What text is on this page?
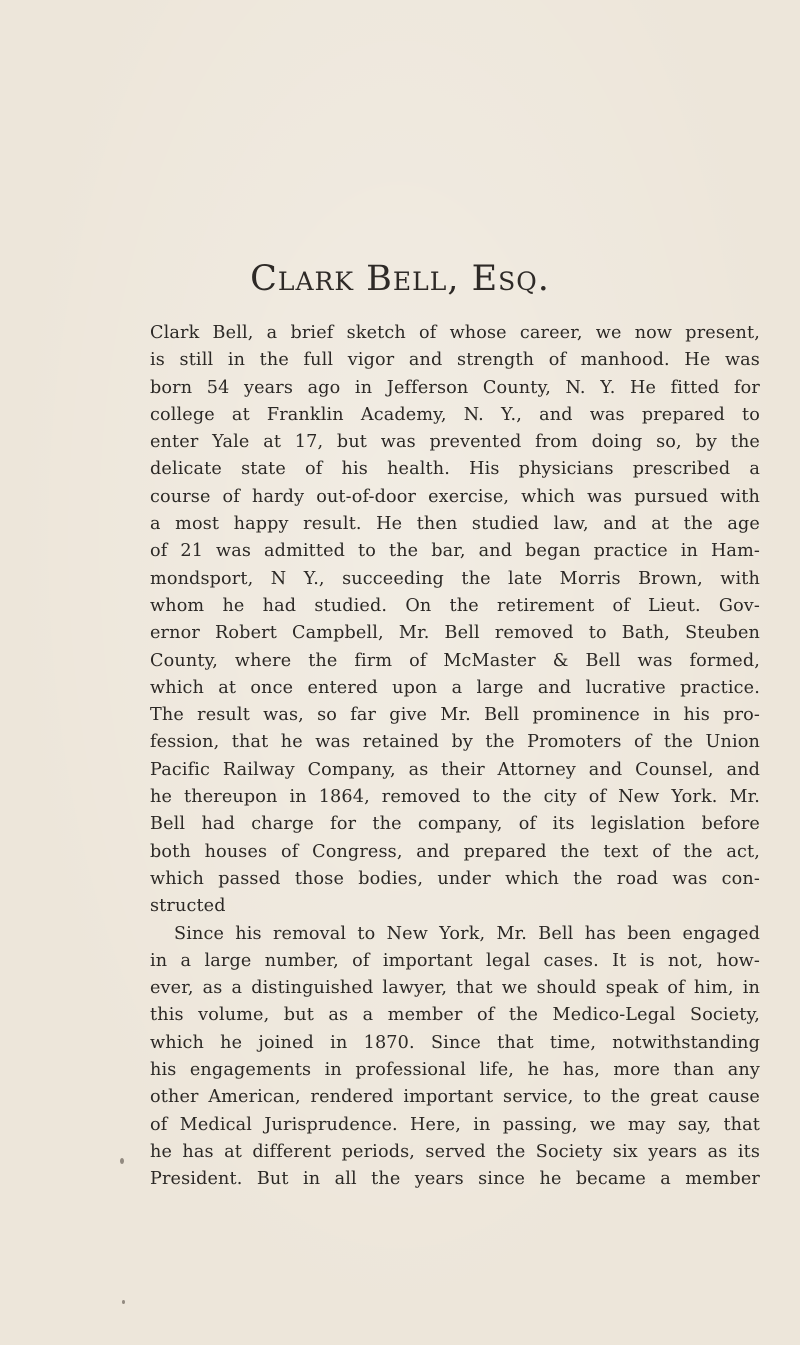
Clark Bell, Esq.
Clark Bell, a brief sketch of whose career, we now present,
is still in the full vigor and strength of manhood. He was
born 54 years ago in Jefferson County, N. Y. He fitted for
college at Franklin Academy, N. Y., and was prepared to
enter Yale at 17, but was prevented from doing so, by the
delicate state of his health. His physicians prescribed a
course of hardy out-of-door exercise, which was pursued with
a most happy result. He then studied law, and at the age
of 21 was admitted to the bar, and began practice in Ham-
mondsport, N Y., succeeding the late Morris Brown, with
whom he had studied. On the retirement of Lieut. Gov-
ernor Robert Campbell, Mr. Bell removed to Bath, Steuben
County, where the firm of McMaster & Bell was formed,
which at once entered upon a large and lucrative practice.
The result was, so far give Mr. Bell prominence in his pro-
fession, that he was retained by the Promoters of the Union
Pacific Railway Company, as their Attorney and Counsel, and
he thereupon in 1864, removed to the city of New York. Mr.
Bell had charge for the company, of its legislation before
both houses of Congress, and prepared the text of the act,
which passed those bodies, under which the road was con-
structed
Since his removal to New York, Mr. Bell has been engaged
in a large number, of important legal cases. It is not, how-
ever, as a distinguished lawyer, that we should speak of him, in
this volume, but as a member of the Medico-Legal Society,
which he joined in 1870. Since that time, notwithstanding
his engagements in professional life, he has, more than any
other American, rendered important service, to the great cause
of Medical Jurisprudence. Here, in passing, we may say, that
he has at different periods, served the Society six years as its
President. But in all the years since he became a member
